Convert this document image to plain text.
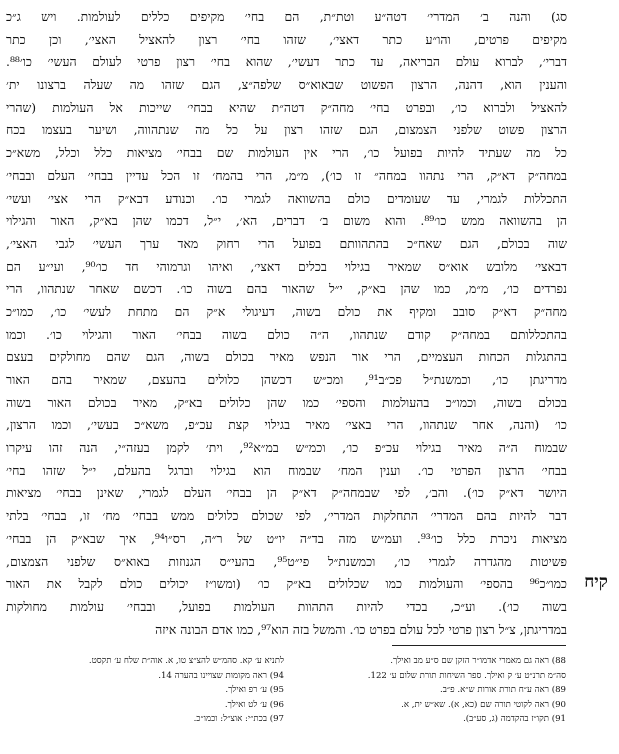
קיח
סג) והנה ב׳ המדרי׳ דטה״ע וטת״ת, הם בחי׳ מקיפים כללים לעולמות. ויש ג״כ
מקיפים פרטים, והו״ע כתר דאצי׳, שזהו בחי׳ רצון להאציל האצי׳, וכן כתר
דברי׳, לברוא עולם הבריאה, עד כתר דעשי׳, שהוא בחי׳ רצון פרטי לעולם העשי׳ כו׳⁸⁸.
והענין הוא, דהנה, הרצון הפשוט שבאוא״ס שלפה״צ, הגם שזהו מה שעלה ברצונו ית׳
להאציל ולברוא כו׳, ובפרט בחי׳ מחה״ק דטה״ת שהיא בבחי׳ שייכות אל העולמות (שהרי
הרצון פשוט שלפני הצמצום, הגם שזהו רצון על כל מה שנתהווה, ושיער בעצמו בכח
כל מה שעתיד להיות בפועל כו׳, הרי אין העולמות שם בבחי׳ מציאות כלל וכלל, משא״כ
במחה״ק דא״ק, הרי נתהוו במחה״ זו כו׳), מ״מ, הרי בהמח׳ זו הכל עדיין בבחי׳ העלם ובבחי׳
התכללות לגמרי, עד שעומדים כולם בהשוואה לגמרי כו׳. וכנודע דבא״ק הרי אצי׳ ועשי׳
הן בהשוואה ממש כו׳⁸⁹. והוא משום ב׳ דברים, הא׳, י״ל, דכמו שהן בא״ק, האור והגילוי
שוה בכולם, הגם שאח״כ בהתהוותם בפועל הרי רחוק מאד ערך העשי׳ לגבי האצי׳,
דבאצי׳ מלובש אוא״ס שמאיר בגילוי בכלים דאצי׳, ואיהו וגרמוהי חד כו׳⁹⁰, ועי״ע הם
נפרדים כו׳, מ״מ, כמו שהן בא״ק, י״ל שהאור בהם בשוה כו׳. דכשם שאחר שנתהוו, הרי
מחה״ק דא״ק סובב ומקיף את כולם בשוה, דעיגולי א״ק הם מתחת לעשי׳ כו׳, כמו״כ
בהתכללותם במחה״ק קודם שנתהוו, ה״ה כולם בשוה בבחי׳ האור והגילוי כו׳. וכמו
בהתגלות הכחות העצמיים, הרי אור הנפש מאיר בכולם בשוה, הגם שהם מחולקים בעצם
מדריגתן כו׳, וכמשנת״ל פכ״ב⁹¹, ומכ״ש דכשהן כלולים בהעצם, שמאיר בהם האור
בכולם בשוה, וכמו״כ בהעולמות והספי׳ כמו שהן כלולים בא״ק, מאיר בכולם האור בשוה
כו׳ (והנה, אחר שנתהוו, הרי באצי׳ מאיר בגילוי קצת עכ״פ, משא״כ בעשי׳, וכמו הרצון,
שבמוח ה״ה מאיר בגילוי עכ״פ כו׳, וכמ״ש במ״א⁹², וית׳ לקמן בעזה״י, הנה זהו עיקרו
בבחי׳ הרצון הפרטי כו׳. וענין המח׳ שבמוח הוא בגילוי וברגל בהעלם, י״ל שזהו בחי׳
היושר דא״ק כו׳). והב׳, לפי שבמחה״ק דא״ק הן בבחי׳ העלם לגמרי, שאינן בבחי׳ מציאות
דבר להיות בהם המדרי׳ התחלקות המדרי׳, לפי שכולם כלולים ממש בבחי׳ מח׳ זו, בבחי׳ בלתי
מציאות ניכרת כלל כו׳⁹³. ועמ״ש מזה בד״ה יו״ט של ר״ה, רס״ו⁹⁴, איך שבא״ק הן בבחי׳
פשיטות מהגדרה לגמרי כו׳, וכמשנת״ל פי״ט⁹⁵, בהעי״ס הגנוזות באוא״ס שלפני הצמצום,
כמו״כ⁹⁶ בהספי׳ והעולמות כמו שכלולים בא״ק כו׳ (ומשו״ז יכולים כולם לקבל את האור
בשוה כו׳). וע״כ, בכדי להיות התהוות העולמות בפועל, ובבחי׳ עולמות מחולקות
במדריגתן, צ״ל רצון פרטי לכל עולם בפרט כו׳. והמשל בזה הוא⁹⁷, כמו אדם הבונה איזה
88) ראה גם מאמרי אדמו״ר הזקן שם ס״ע מב ואילך.
סה״מ תרנ״ט ע׳ ק ואילך. ספר השיחות תורת שלום ע׳ 122.
89) ראה ע״ח תורת אורות ש״א. פ״ב.
90) ראה לקוטי תורה שם (כא, א). שא״ש ית, א.
91) תקו״ז בהקדמה (ג, סע״ב).
לתניא ע׳ קא. סהמ״ש להצ״צ טו, א. אוה״ת שלח ע׳ תקסט.
94) ראה מקומות שצויינו בהערה 14.
95) ע׳ רפ ואילך.
96) ע׳ לט ואילך.
97) בכת״י: אוצ״ל: וכמו״כ.
